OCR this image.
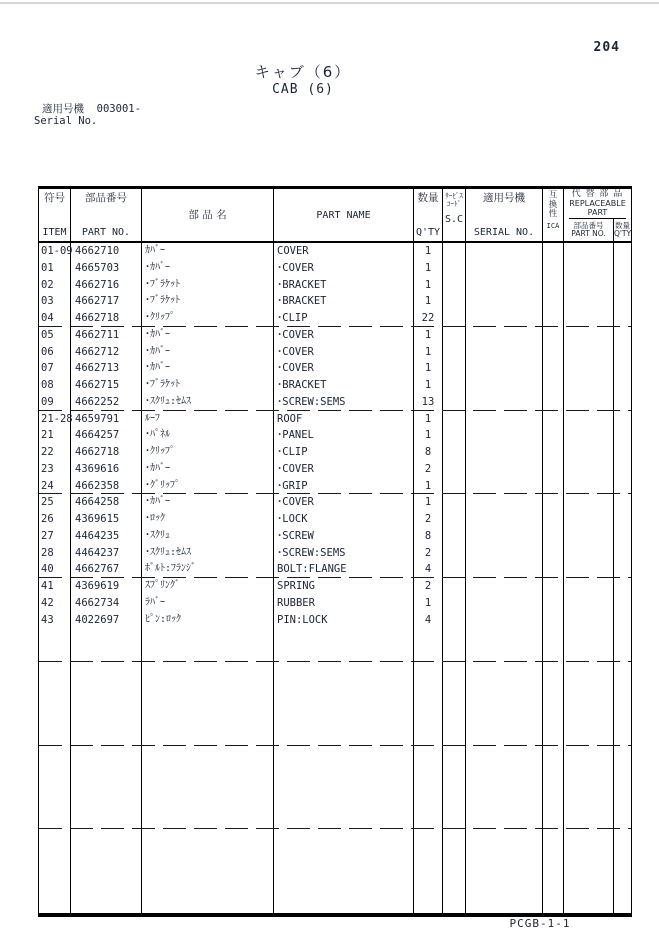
204
キャブ（6）
CAB (6)
適用号機 003001-
Serial No.
符号
ITEM
部品番号
PART NO.
部 品 名	PART NAME
数量
Q'TY
ｻｰﾋﾞｽ
ｺｰﾄﾞ
S.C
適用号機
SERIAL NO.
互
換
性
ICA
代 替 部 品
REPLACEABLE
PART
部品番号
PART NO.
数量
Q'TY
01-09 4662710	ｶﾊﾞｰ	COVER	1
01	4665703	･ｶﾊﾞｰ	･COVER	1
02	4662716	･ﾌﾞﾗｹｯﾄ	･BRACKET	1
03	4662717	･ﾌﾞﾗｹｯﾄ	･BRACKET	1
04	4662718	･ｸﾘｯﾌﾟ	･CLIP	22
05	4662711	･ｶﾊﾞｰ	･COVER	1
06	4662712	･ｶﾊﾞｰ	･COVER	1
07	4662713	･ｶﾊﾞｰ	･COVER	1
08	4662715	･ﾌﾞﾗｹｯﾄ	･BRACKET	1
09	4662252	･ｽｸﾘｭ:ｾﾑｽ	･SCREW:SEMS	13
21-28 4659791	ﾙｰﾌ	ROOF	1
21	4664257	･ﾊﾟﾈﾙ	･PANEL	1
22	4662718	･ｸﾘｯﾌﾟ	･CLIP	8
23	4369616	･ｶﾊﾞｰ	･COVER	2
24	4662358	･ｸﾞﾘｯﾌﾟ	･GRIP	1
25	4664258	･ｶﾊﾞｰ	･COVER	1
26	4369615	･ﾛｯｸ	･LOCK	2
27	4464235	･ｽｸﾘｭ	･SCREW	8
28	4464237	･ｽｸﾘｭ:ｾﾑｽ	･SCREW:SEMS	2
40	4662767	ﾎﾞﾙﾄ:ﾌﾗﾝｼﾞ	BOLT:FLANGE	4
41	4369619	ｽﾌﾟﾘﾝｸﾞ	SPRING	2
42	4662734	ﾗﾊﾞｰ	RUBBER	1
43	4022697	ﾋﾟﾝ:ﾛｯｸ	PIN:LOCK	4
PCGB-1-1
